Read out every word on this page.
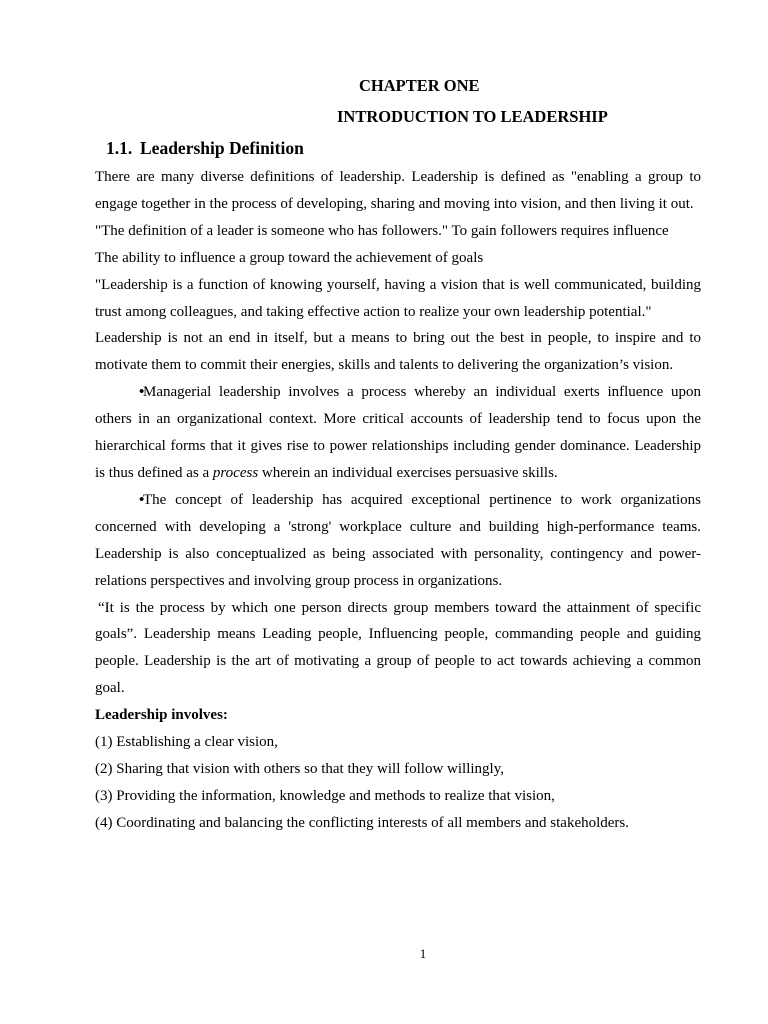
CHAPTER ONE
INTRODUCTION TO LEADERSHIP
1.1. Leadership Definition

There are many diverse definitions of leadership. Leadership is defined as "enabling a group to engage together in the process of developing, sharing and moving into vision, and then living it out.

"The definition of a leader is someone who has followers." To gain followers requires influence

The ability to influence a group toward the achievement of goals

"Leadership is a function of knowing yourself, having a vision that is well communicated, building trust among colleagues, and taking effective action to realize your own leadership potential."

Leadership is not an end in itself, but a means to bring out the best in people, to inspire and to motivate them to commit their energies, skills and talents to delivering the organization’s vision.

•Managerial leadership involves a process whereby an individual exerts influence upon others in an organizational context. More critical accounts of leadership tend to focus upon the hierarchical forms that it gives rise to power relationships including gender dominance. Leadership is thus defined as a process wherein an individual exercises persuasive skills.

•The concept of leadership has acquired exceptional pertinence to work organizations concerned with developing a 'strong' workplace culture and building high-performance teams. Leadership is also conceptualized as being associated with personality, contingency and power-relations perspectives and involving group process in organizations.

“It is the process by which one person directs group members toward the attainment of specific goals”. Leadership means Leading people, Influencing people, commanding people and guiding people. Leadership is the art of motivating a group of people to act towards achieving a common goal.

Leadership involves:

(1) Establishing a clear vision,

(2) Sharing that vision with others so that they will follow willingly,

(3) Providing the information, knowledge and methods to realize that vision,

(4) Coordinating and balancing the conflicting interests of all members and stakeholders.

1
